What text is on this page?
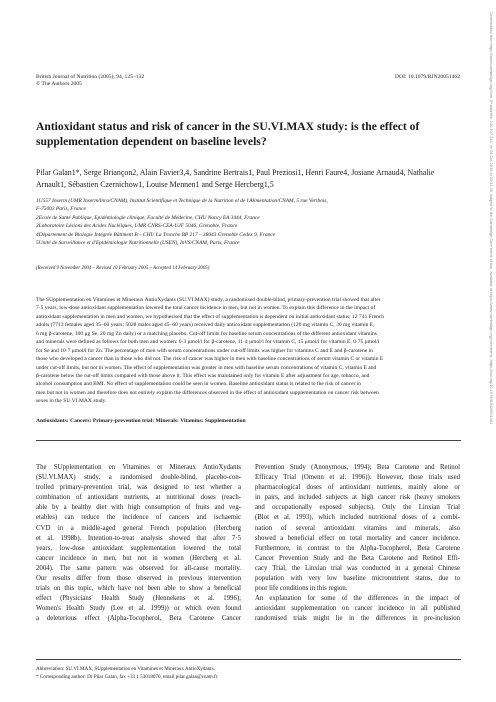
British Journal of Nutrition (2005), 94, 125–132
© The Authors 2005
DOI: 10.1079/BJN20051462
Antioxidant status and risk of cancer in the SU.VI.MAX study: is the effect of supplementation dependent on baseline levels?
Pilar Galan1*, Serge Briançon2, Alain Favier3,4, Sandrine Bertrais1, Paul Preziosi1, Henri Faure4, Josiane Arnaud4, Nathalie Arnault1, Sébastien Czernichow1, Louise Mennen1 and Serge Hercberg1,5
1U557 Inserm (UMR Inserm/Inra/CNAM), Institut Scientifique et Technique de la Nutrition et de l'Alimentation/CNAM, 5 rue Vertbois,
F-75003 Paris, France
2Ecole de Santé Publique, Epidémiologie clinique, Faculté de Médecine, CHU Nancy EA 3444, France
3Laboratoire Lésions des Acides Nucléiques, UMR CNRS-CEA-UJF 5046, Grenoble, France
4Département de Biologie Intégrée Bâtiment B – CHU La Tronche BP 217 – 38043 Grenoble Cedex 9, France
5Unité de Surveillance et d'Epidémiologie Nutritionnelle (USEN), InVS/CNAM, Paris, France
(Received 9 November 2004 – Revised 10 February 2005 – Accepted 14 February 2005)
The SUpplementation en Vitamines et Mineraux AntioXydants (SU.VI.MAX) study, a randomised double-blind, primary-prevention trial showed that after
7·5 years, low-dose antioxidant supplementation lowered the total cancer incidence in men, but not in women. To explain this difference in the impact of
antioxidant supplementation in men and women, we hypothesised that the effect of supplementation is dependent on initial antioxidant status; 12 741 French
adults (7713 females aged 35–60 years; 5028 males aged 45–60 years) received daily antioxidant supplementation (120 mg vitamin C, 30 mg vitamin E,
6 mg β-carotene, 100 μg Se, 20 mg Zn daily) or a matching placebo. Cut-off limits for baseline serum concentrations of the different antioxidant vitamins
and minerals were defined as follows for both men and women: 0·3 μmol/l for β-carotene, 11·4 μmol/l for vitamin C, 15 μmol/l for vitamin E, 0·75 μmol/l
for Se and 10·7 μmol/l for Zn. The percentage of men with serum concentrations under cut-off limits was higher for vitamins C and E and β-carotene in
those who developed a cancer than in those who did not. The risk of cancer was higher in men with baseline concentrations of serum vitamin C or vitamin E
under cut-off limits, but not in women. The effect of supplementation was greater in men with baseline serum concentrations of vitamin C, vitamin E and
β-carotene below the cut-off limits compared with those above it. This effect was maintained only for vitamin E after adjustment for age, tobacco, and
alcohol consumption and BMI. No effect of supplementation could be seen in women. Baseline antioxidant status is related to the risk of cancer in
men but not in women and therefore does not entirely explain the differences observed in the effect of antioxidant supplementation on cancer risk between
sexes in the SU.VI.MAX study.
Antioxidants: Cancers: Primary-prevention trial: Minerals: Vitamins: Supplementation
The SUpplementation en Vitamines et Mineraux AntioXydants
(SU.VI.MAX) study, a randomised double-blind, placebo-con-
trolled primary-prevention trial, was designed to test whether a
combination of antioxidant nutrients, at nutritional doses (reach-
able by a healthy diet with high consumption of fruits and veg-
etables) can reduce the incidence of cancers and ischaemic
CVD in a middle-aged general French population (Hercberg
et al. 1998b). Intention-to-treat analysis showed that after 7·5
years, low-dose antioxidant supplementation lowered the total
cancer incidence in men, but not in women (Hercberg et al.
2004). The same pattern was observed for all-cause mortality.
Our results differ from those observed in previous intervention
trials on this topic, which have not been able to show a beneficial
effect (Physicians' Health Study (Hennekens et al. 1996);
Women's Health Study (Lee et al. 1999)) or which even found
a deleterious effect (Alpha-Tocopherol, Beta Carotene Cancer
Prevention Study (Anonymous, 1994); Beta Carotene and Retinol
Efficacy Trial (Omenn et al. 1996)). However, those trials used
pharmacological doses of antioxidant nutrients, mainly alone or
in pairs, and included subjects at high cancer risk (heavy smokers
and occupationally exposed subjects). Only the Linxian Trial
(Blot et al. 1993), which included nutritional doses of a combi-
nation of several antioxidant vitamins and minerals, also
showed a beneficial effect on total mortality and cancer incidence.
Furthermore, in contrast to the Alpha-Tocopherol, Beta Carotene
Cancer Prevention Study and the Beta Carotene and Retinol Effi-
cacy Trial, the Linxian trial was conducted in a general Chinese
population with very low baseline micronutrient status, due to
poor life conditions in this region.
An explanation for some of the differences in the impact of
antioxidant supplementation on cancer incidence in all published
randomised trials might lie in the differences in pre-inclusion
Abbreviation: SU.VI.MAX, SUpplementation en Vitamines et Mineraux AntioXydants.
* Corresponding author: Dr Pilar Galan, fax +33 1 53018070, email pilar.galan@cnam.fr
Downloaded from https://www.cambridge.org/core. IP address: 130.107.249, on 26 Oct 2019 at 03:34:35, subject to the Cambridge Core terms of use, available at https://www.cambridge.org/core/terms. https://doi.org/10.1079/BJN20051462
